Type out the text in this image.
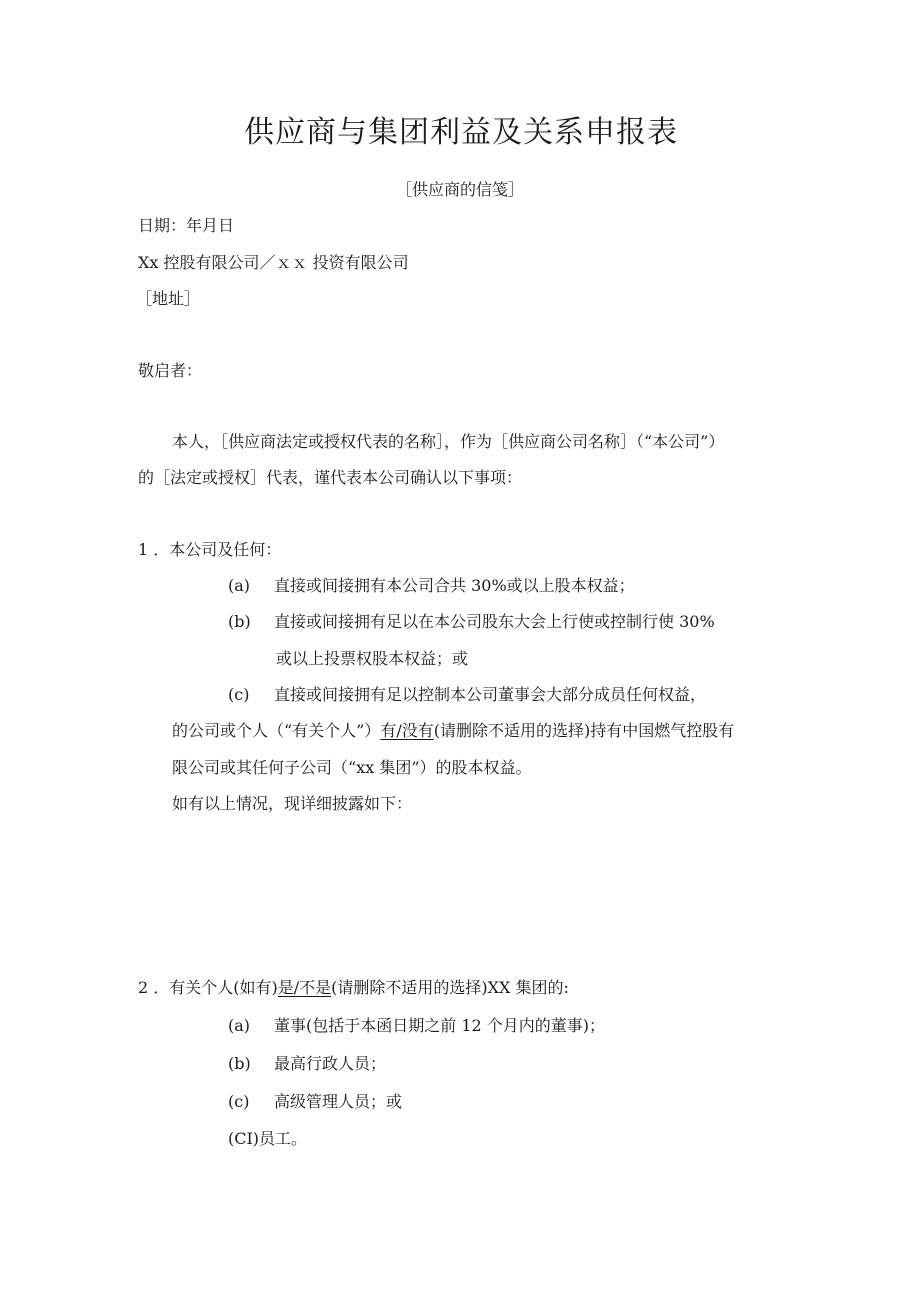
供应商与集团利益及关系申报表
［供应商的信笺］
日期：年月日
Xx 控股有限公司／ｘｘ 投资有限公司
［地址］
敬启者：
本人，［供应商法定或授权代表的名称］，作为［供应商公司名称］（“本公司”）
的［法定或授权］代表，谨代表本公司确认以下事项：
1 ．本公司及任何：
(a) 直接或间接拥有本公司合共 30%或以上股本权益；
(b) 直接或间接拥有足以在本公司股东大会上行使或控制行使 30%
或以上投票权股本权益；或
(c) 直接或间接拥有足以控制本公司董事会大部分成员任何权益，
的公司或个人（“有关个人”）有/没有(请删除不适用的选择)持有中国燃气控股有
限公司或其任何子公司（“xx 集团”）的股本权益。
如有以上情况，现详细披露如下：
2 ．有关个人(如有)是/不是(请删除不适用的选择)XX 集团的:
(a) 董事(包括于本函日期之前 12 个月内的董事)；
(b) 最高行政人员；
(c) 高级管理人员；或
(CI)员工。
